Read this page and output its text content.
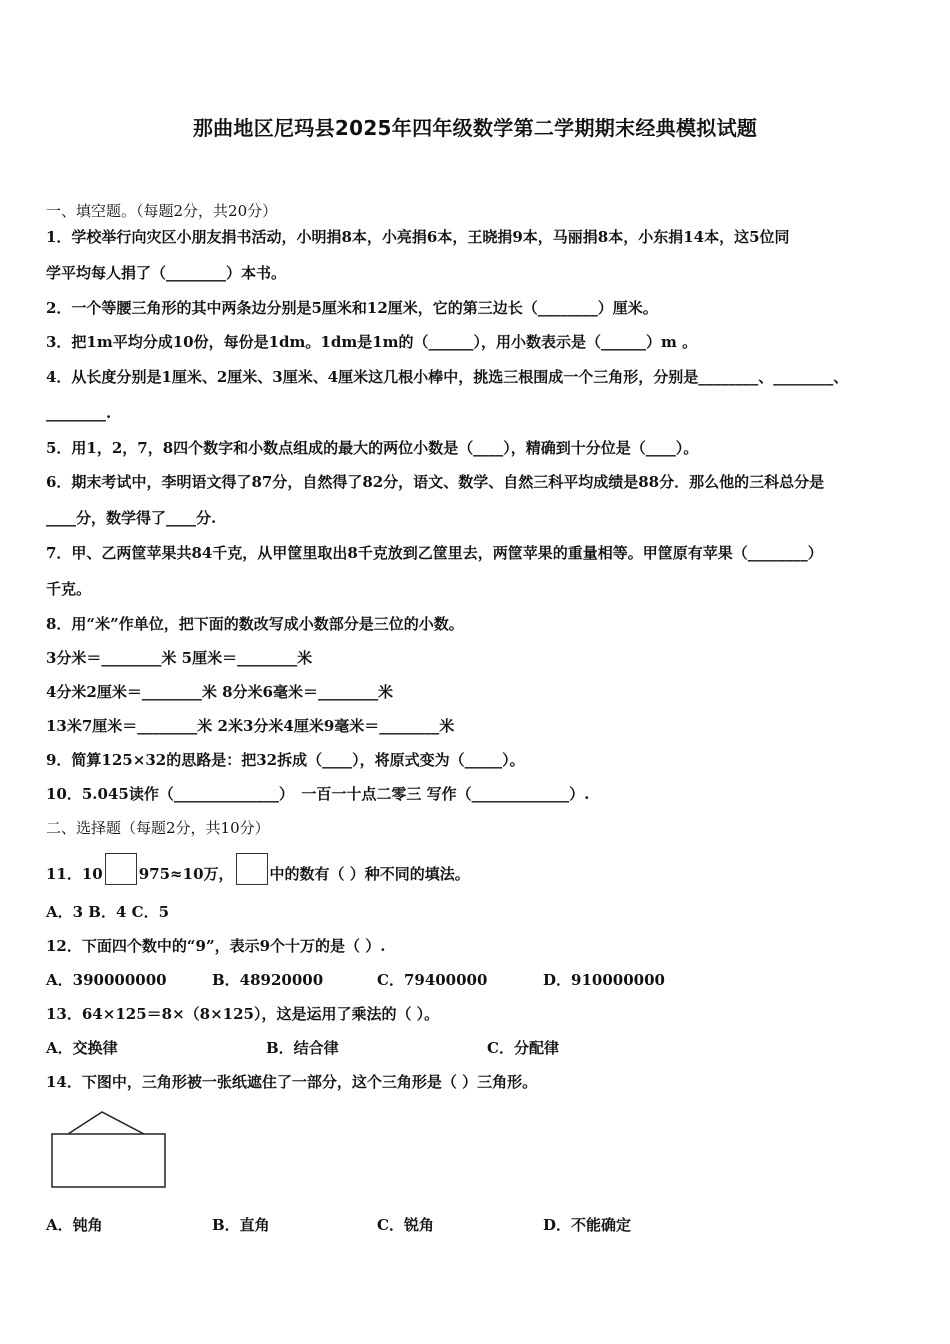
那曲地区尼玛县2025年四年级数学第二学期期末经典模拟试题
一、填空题。（每题2分，共20分）
1．学校举行向灾区小朋友捐书活动，小明捐8本，小亮捐6本，王晓捐9本，马丽捐8本，小东捐14本，这5位同
学平均每人捐了（________）本书。
2．一个等腰三角形的其中两条边分别是5厘米和12厘米，它的第三边长（________）厘米。
3．把1m平均分成10份，每份是1dm。1dm是1m的（______），用小数表示是（______）m 。
4．从长度分别是1厘米、2厘米、3厘米、4厘米这几根小棒中，挑选三根围成一个三角形，分别是________、________、
________.
5．用1，2，7，8四个数字和小数点组成的最大的两位小数是（____），精确到十分位是（____）。
6．期末考试中，李明语文得了87分，自然得了82分，语文、数学、自然三科平均成绩是88分．那么他的三科总分是
____分，数学得了____分.
7．甲、乙两筐苹果共84千克，从甲筐里取出8千克放到乙筐里去，两筐苹果的重量相等。甲筐原有苹果（________）
千克。
8．用“米”作单位，把下面的数改写成小数部分是三位的小数。
3分米＝________米 5厘米＝________米
4分米2厘米＝________米 8分米6毫米＝________米
13米7厘米＝________米 2米3分米4厘米9毫米＝________米
9．简算125×32的思路是：把32拆成（____），将原式变为（_____）。
10．5.045读作（______________）　一百一十点二零三 写作（_____________）.
二、选择题（每题2分，共10分）
11．10 975≈10万， 中的数有（ ）种不同的填法。
A．3 B．4 C．5
12．下面四个数中的“9”，表示9个十万的是（ ）.
A．390000000	B．48920000	C．79400000	D．910000000
13．64×125＝8×（8×125），这是运用了乘法的（ ）。
A．交换律	B．结合律	C．分配律
14．下图中，三角形被一张纸遮住了一部分，这个三角形是（ ）三角形。
A．钝角	B．直角	C．锐角	D．不能确定
